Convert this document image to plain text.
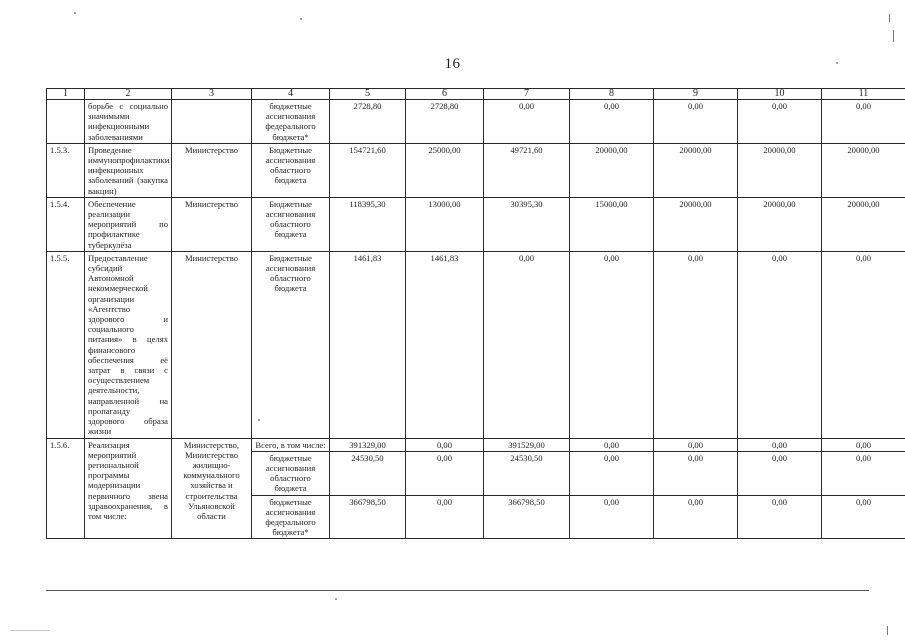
16
1	2	3	4	5	6	7	8	9	10	11
	борьбе с социально значимыми инфекционными заболеваниями		бюджетные ассигнования федерального бюджета*	2728,80	2728,80	0,00	0,00	0,00	0,00	0,00
1.5.3.	Проведение иммунопрофилактики инфекционных заболеваний (закупка вакцин)	Министерство	Бюджетные ассигнования областного бюджета	154721,60	25000,00	49721,60	20000,00	20000,00	20000,00	20000,00
1.5.4.	Обеспечение реализации мероприятий по профилактике туберкулёза	Министерство	Бюджетные ассигнования областного бюджета	118395,30	13000,00	30395,30	15000,00	20000,00	20000,00	20000,00
1.5.5.	Предоставление субсидий Автономной некоммерческой организации «Агентство здорового и социального питания» в целях финансового обеспечения её затрат в связи с осуществлением деятельности, направленной на пропаганду здорового образа жизни	Министерство	Бюджетные ассигнования областного бюджета	1461,83	1461,83	0,00	0,00	0,00	0,00	0,00
1.5.6.	Реализация мероприятий региональной программы модернизации первичного звена здравоохранения, в том числе:	Министерство, Министерство жилищно-коммунального хозяйства и строительства Ульяновской области	Всего, в том числе:	391329,00	0,00	391529,00	0,00	0,00	0,00	0,00
			бюджетные ассигнования областного бюджета	24530,50	0,00	24530,50	0,00	0,00	0,00	0,00
			бюджетные ассигнования федерального бюджета*	366798,50	0,00	366798,50	0,00	0,00	0,00	0,00
